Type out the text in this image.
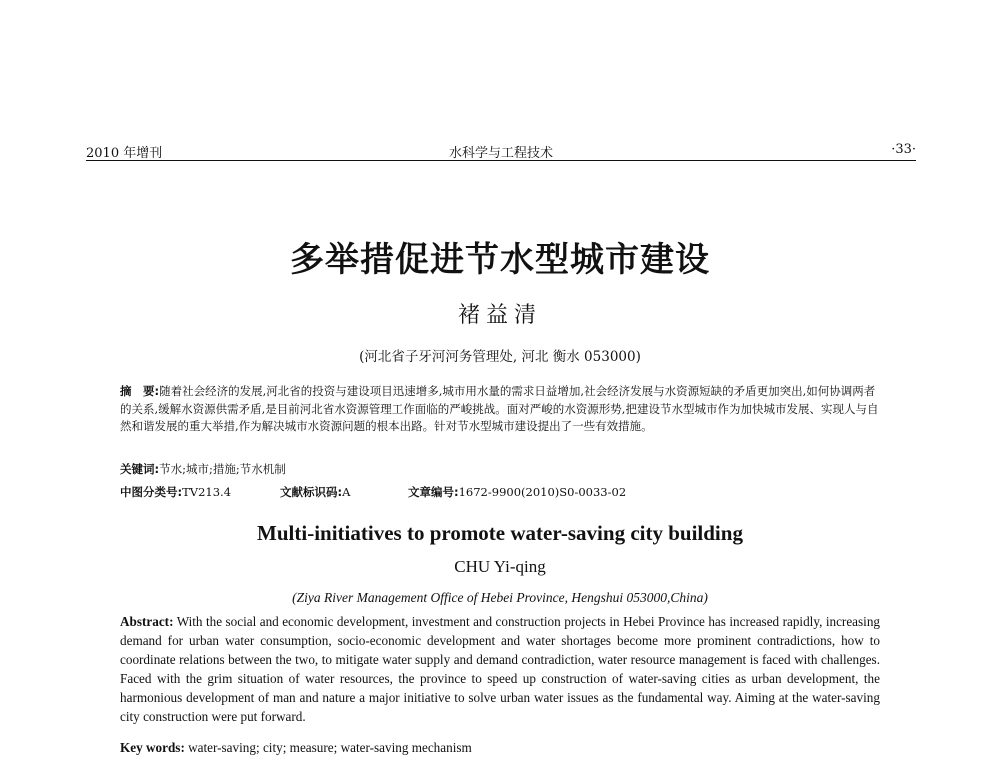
2010 年增刊	水科学与工程技术	·33·
多举措促进节水型城市建设
褚益清
(河北省子牙河河务管理处, 河北 衡水 053000)
摘　要:随着社会经济的发展,河北省的投资与建设项目迅速增多,城市用水量的需求日益增加,社会经济发展与水资源短缺的矛盾更加突出,如何协调两者的关系,缓解水资源供需矛盾,是目前河北省水资源管理工作面临的严峻挑战。面对严峻的水资源形势,把建设节水型城市作为加快城市发展、实现人与自然和谐发展的重大举措,作为解决城市水资源问题的根本出路。针对节水型城市建设提出了一些有效措施。
关键词:节水;城市;措施;节水机制
中图分类号:TV213.4	文献标识码:A	文章编号:1672-9900(2010)S0-0033-02
Multi-initiatives to promote water-saving city building
CHU Yi-qing
(Ziya River Management Office of Hebei Province, Hengshui 053000,China)
Abstract: With the social and economic development, investment and construction projects in Hebei Province has increased rapidly, increasing demand for urban water consumption, socio-economic development and water shortages become more prominent contradictions, how to coordinate relations between the two, to mitigate water supply and demand contradiction, water resource management is faced with challenges. Faced with the grim situation of water resources, the province to speed up construction of water-saving cities as urban development, the harmonious development of man and nature a major initiative to solve urban water issues as the fundamental way. Aiming at the water-saving city construction were put forward.
Key words: water-saving; city; measure; water-saving mechanism
